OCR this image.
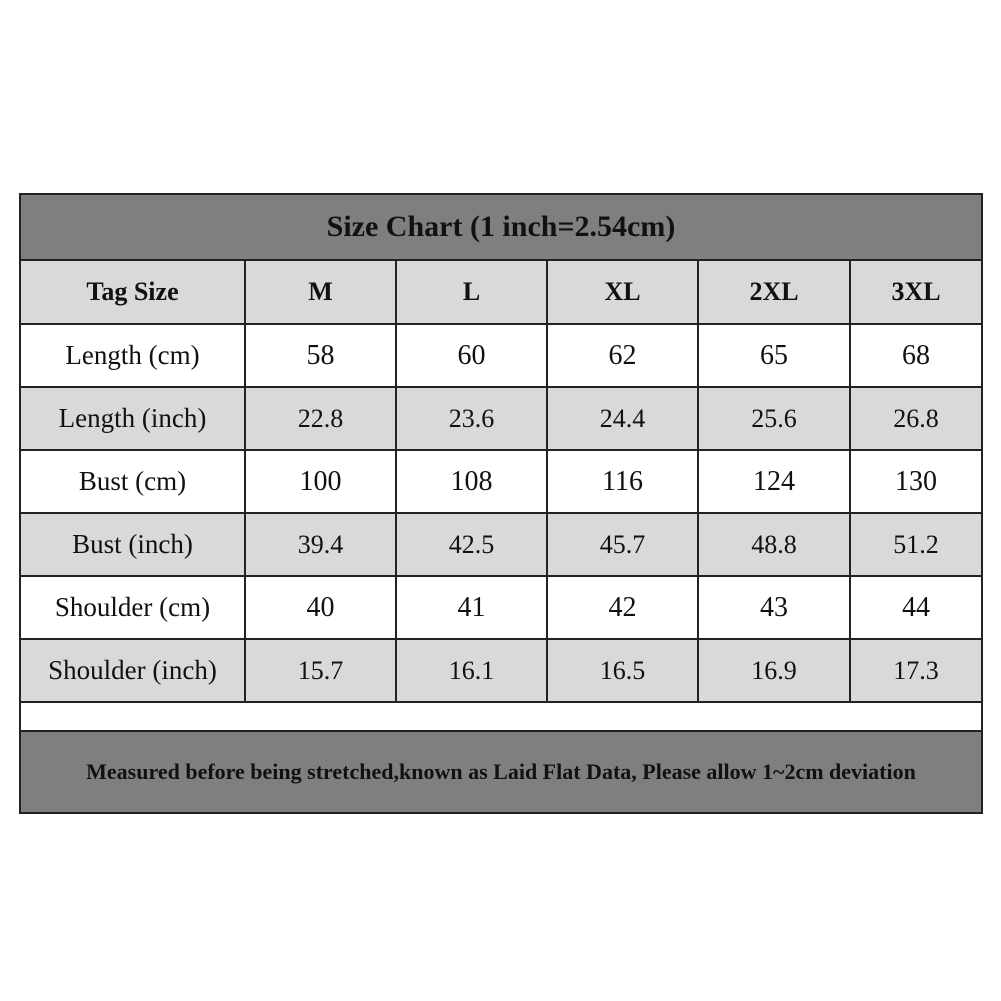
Size Chart (1 inch=2.54cm)
Tag Size	M	L	XL	2XL	3XL
Length (cm)	58	60	62	65	68
Length (inch)	22.8	23.6	24.4	25.6	26.8
Bust (cm)	100	108	116	124	130
Bust (inch)	39.4	42.5	45.7	48.8	51.2
Shoulder (cm)	40	41	42	43	44
Shoulder (inch)	15.7	16.1	16.5	16.9	17.3
Measured before being stretched,known as Laid Flat Data, Please allow 1~2cm deviation
